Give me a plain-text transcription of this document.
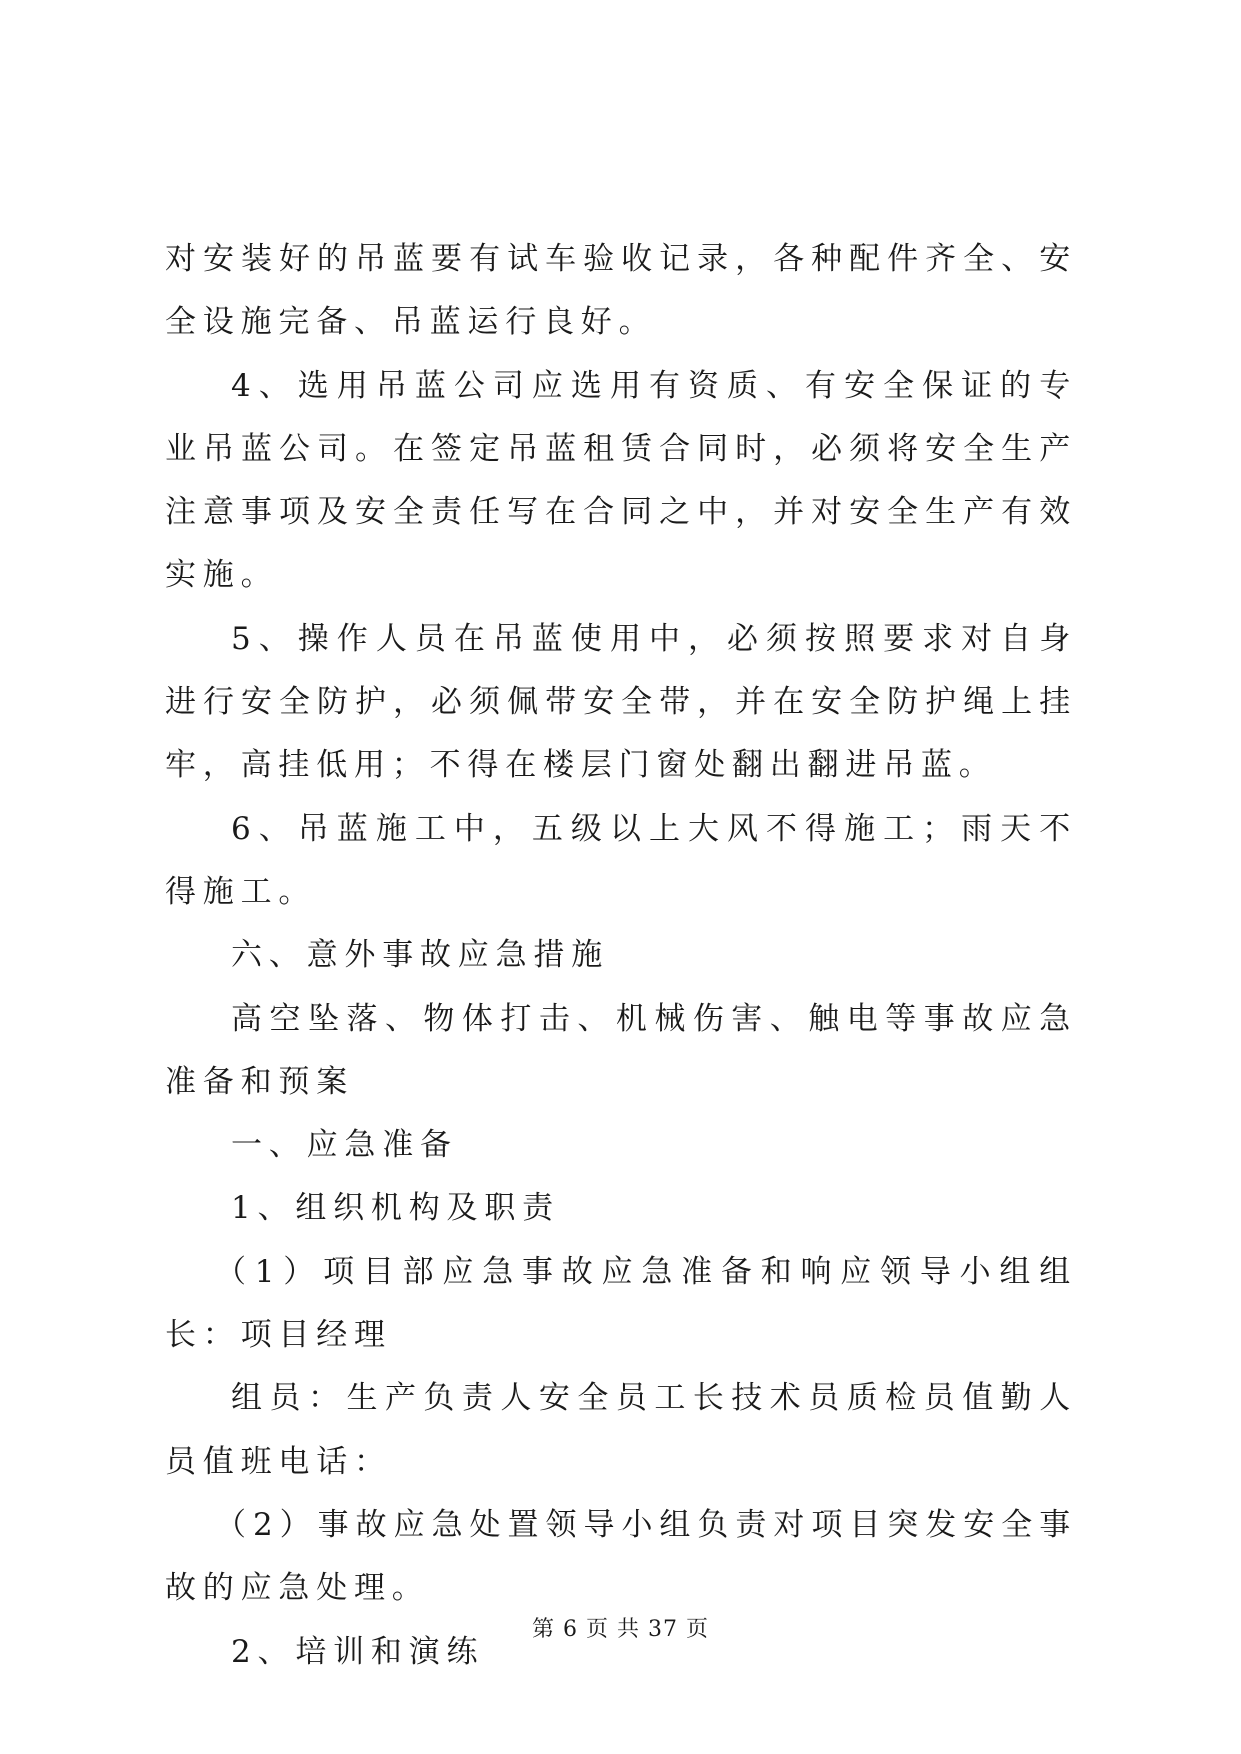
对安装好的吊蓝要有试车验收记录，各种配件齐全、安全设施完备、吊蓝运行良好。

4、选用吊蓝公司应选用有资质、有安全保证的专业吊蓝公司。在签定吊蓝租赁合同时，必须将安全生产注意事项及安全责任写在合同之中，并对安全生产有效实施。

5、操作人员在吊蓝使用中，必须按照要求对自身进行安全防护，必须佩带安全带，并在安全防护绳上挂牢，高挂低用；不得在楼层门窗处翻出翻进吊蓝。

6、吊蓝施工中，五级以上大风不得施工；雨天不得施工。

六、意外事故应急措施

高空坠落、物体打击、机械伤害、触电等事故应急准备和预案

一、应急准备

1、组织机构及职责

（1）项目部应急事故应急准备和响应领导小组组长：项目经理

组员：生产负责人安全员工长技术员质检员值勤人员值班电话：

（2）事故应急处置领导小组负责对项目突发安全事故的应急处理。

2、培训和演练

第 6 页 共 37 页
